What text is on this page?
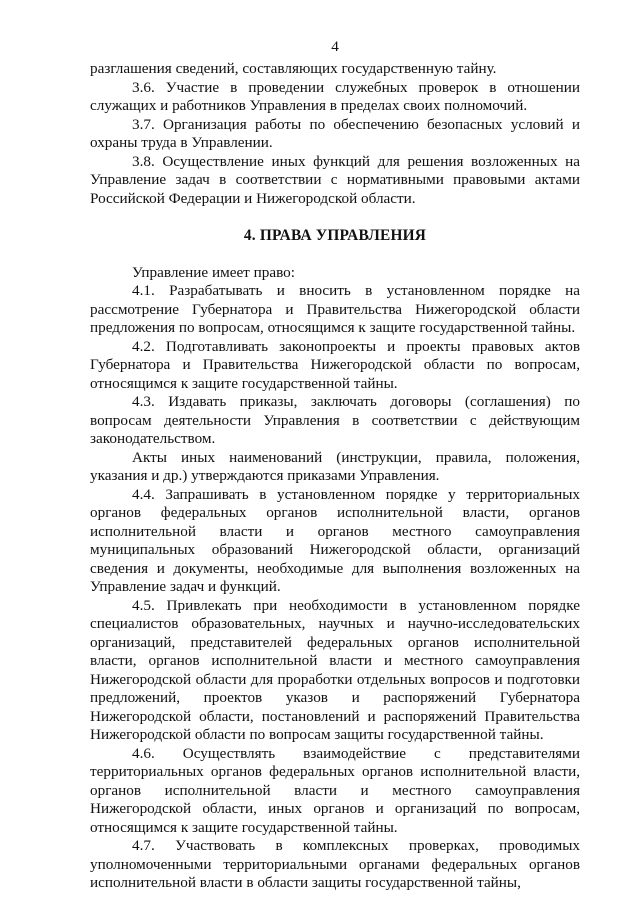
4

разглашения сведений, составляющих государственную тайну.

3.6. Участие в проведении служебных проверок в отношении служащих и работников Управления в пределах своих полномочий.

3.7. Организация работы по обеспечению безопасных условий и охраны труда в Управлении.

3.8. Осуществление иных функций для решения возложенных на Управление задач в соответствии с нормативными правовыми актами Российской Федерации и Нижегородской области.

4. ПРАВА УПРАВЛЕНИЯ

Управление имеет право:

4.1. Разрабатывать и вносить в установленном порядке на рассмотрение Губернатора и Правительства Нижегородской области предложения по вопросам, относящимся к защите государственной тайны.

4.2. Подготавливать законопроекты и проекты правовых актов Губернатора и Правительства Нижегородской области по вопросам, относящимся к защите государственной тайны.

4.3. Издавать приказы, заключать договоры (соглашения) по вопросам деятельности Управления в соответствии с действующим законодательством.

Акты иных наименований (инструкции, правила, положения, указания и др.) утверждаются приказами Управления.

4.4. Запрашивать в установленном порядке у территориальных органов федеральных органов исполнительной власти, органов исполнительной власти и органов местного самоуправления муниципальных образований Нижегородской области, организаций сведения и документы, необходимые для выполнения возложенных на Управление задач и функций.

4.5. Привлекать при необходимости в установленном порядке специалистов образовательных, научных и научно-исследовательских организаций, представителей федеральных органов исполнительной власти, органов исполнительной власти и местного самоуправления Нижегородской области для проработки отдельных вопросов и подготовки предложений, проектов указов и распоряжений Губернатора Нижегородской области, постановлений и распоряжений Правительства Нижегородской области по вопросам защиты государственной тайны.

4.6. Осуществлять взаимодействие с представителями территориальных органов федеральных органов исполнительной власти, органов исполнительной власти и местного самоуправления Нижегородской области, иных органов и организаций по вопросам, относящимся к защите государственной тайны.

4.7. Участвовать в комплексных проверках, проводимых уполномоченными территориальными органами федеральных органов исполнительной власти в области защиты государственной тайны,
